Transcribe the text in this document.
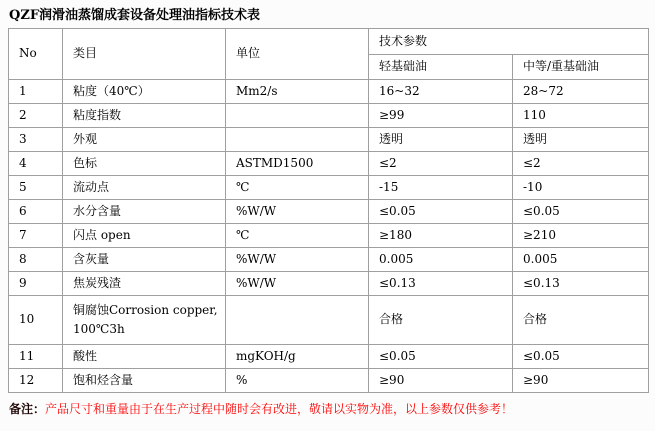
QZF润滑油蒸馏成套设备处理油指标技术表
No	类目	单位	技术参数	
			轻基础油	中等/重基础油
1	粘度（40℃）	Mm2/s	16~32	28~72
2	粘度指数		≥99	110
3	外观		透明	透明
4	色标	ASTMD1500	≤2	≤2
5	流动点	℃	-15	-10
6	水分含量	%W/W	≤0.05	≤0.05
7	闪点 open	℃	≥180	≥210
8	含灰量	%W/W	0.005	0.005
9	焦炭残渣	%W/W	≤0.13	≤0.13
10	铜腐蚀Corrosion copper, 100℃3h		合格	合格
11	酸性	mgKOH/g	≤0.05	≤0.05
12	饱和烃含量	%	≥90	≥90
备注：产品尺寸和重量由于在生产过程中随时会有改进，敬请以实物为准，以上参数仅供参考！
